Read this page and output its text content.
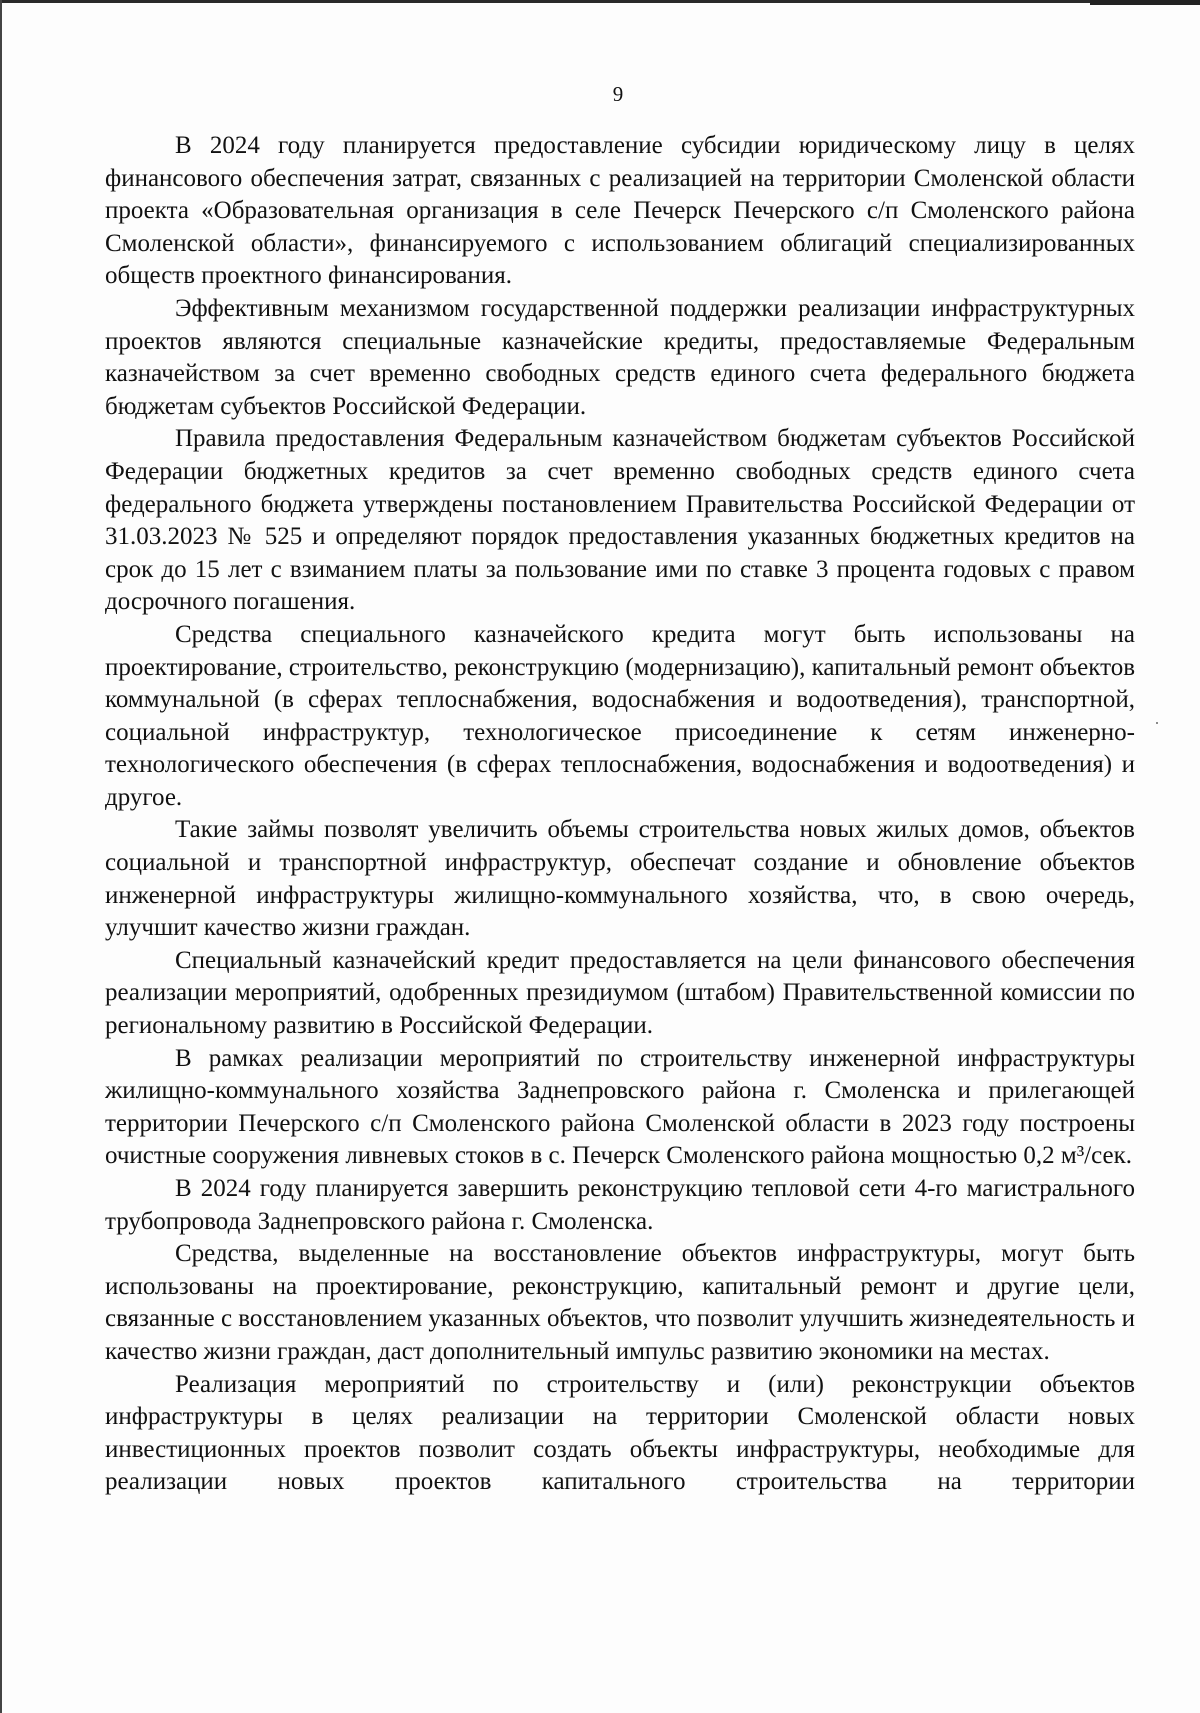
9

В 2024 году планируется предоставление субсидии юридическому лицу в целях финансового обеспечения затрат, связанных с реализацией на территории Смоленской области проекта «Образовательная организация в селе Печерск Печерского с/п Смоленского района Смоленской области», финансируемого с использованием облигаций специализированных обществ проектного финансирования.

Эффективным механизмом государственной поддержки реализации инфраструктурных проектов являются специальные казначейские кредиты, предоставляемые Федеральным казначейством за счет временно свободных средств единого счета федерального бюджета бюджетам субъектов Российской Федерации.

Правила предоставления Федеральным казначейством бюджетам субъектов Российской Федерации бюджетных кредитов за счет временно свободных средств единого счета федерального бюджета утверждены постановлением Правительства Российской Федерации от 31.03.2023 № 525 и определяют порядок предоставления указанных бюджетных кредитов на срок до 15 лет с взиманием платы за пользование ими по ставке 3 процента годовых с правом досрочного погашения.

Средства специального казначейского кредита могут быть использованы на проектирование, строительство, реконструкцию (модернизацию), капитальный ремонт объектов коммунальной (в сферах теплоснабжения, водоснабжения и водоотведения), транспортной, социальной инфраструктур, технологическое присоединение к сетям инженерно-технологического обеспечения (в сферах теплоснабжения, водоснабжения и водоотведения) и другое.

Такие займы позволят увеличить объемы строительства новых жилых домов, объектов социальной и транспортной инфраструктур, обеспечат создание и обновление объектов инженерной инфраструктуры жилищно-коммунального хозяйства, что, в свою очередь, улучшит качество жизни граждан.

Специальный казначейский кредит предоставляется на цели финансового обеспечения реализации мероприятий, одобренных президиумом (штабом) Правительственной комиссии по региональному развитию в Российской Федерации.

В рамках реализации мероприятий по строительству инженерной инфраструктуры жилищно-коммунального хозяйства Заднепровского района г. Смоленска и прилегающей территории Печерского с/п Смоленского района Смоленской области в 2023 году построены очистные сооружения ливневых стоков в с. Печерск Смоленского района мощностью 0,2 м³/сек.

В 2024 году планируется завершить реконструкцию тепловой сети 4-го магистрального трубопровода Заднепровского района г. Смоленска.

Средства, выделенные на восстановление объектов инфраструктуры, могут быть использованы на проектирование, реконструкцию, капитальный ремонт и другие цели, связанные с восстановлением указанных объектов, что позволит улучшить жизнедеятельность и качество жизни граждан, даст дополнительный импульс развитию экономики на местах.

Реализация мероприятий по строительству и (или) реконструкции объектов инфраструктуры в целях реализации на территории Смоленской области новых инвестиционных проектов позволит создать объекты инфраструктуры, необходимые для реализации новых проектов капитального строительства на территории
